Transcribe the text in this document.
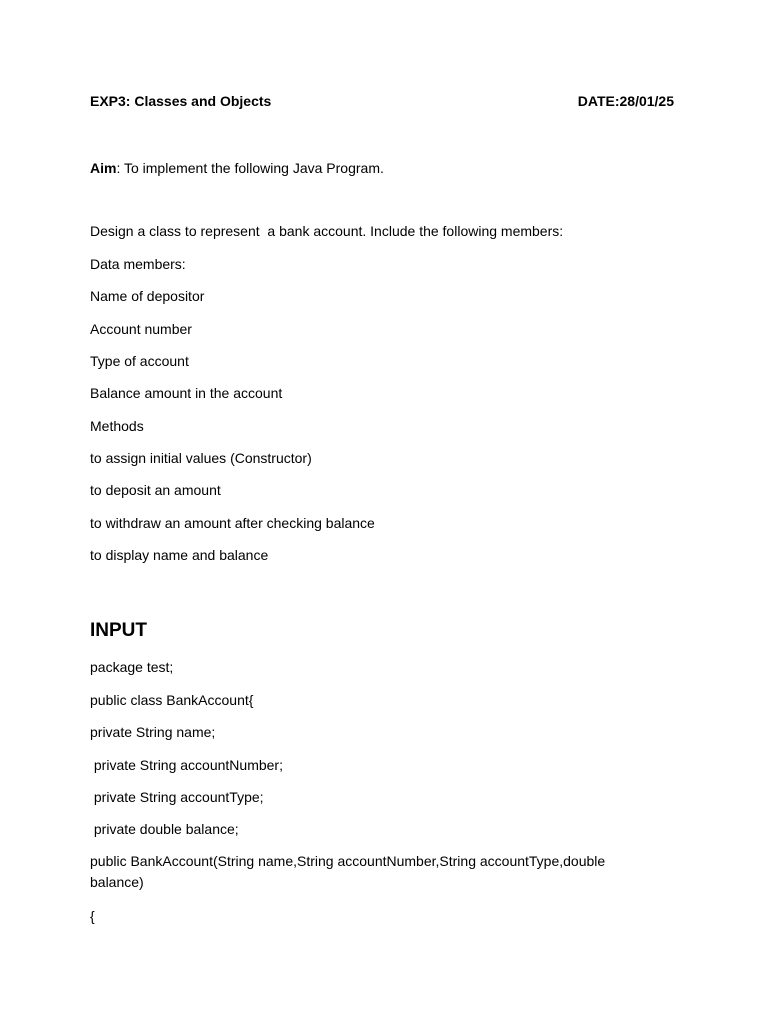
EXP3: Classes and Objects	DATE:28/01/25
Aim: To implement the following Java Program.
Design a class to represent  a bank account. Include the following members:
Data members:
Name of depositor
Account number
Type of account
Balance amount in the account
Methods
to assign initial values (Constructor)
to deposit an amount
to withdraw an amount after checking balance
to display name and balance
INPUT
package test;
public class BankAccount{
private String name;
private String accountNumber;
private String accountType;
private double balance;
public BankAccount(String name,String accountNumber,String accountType,double balance)
{
